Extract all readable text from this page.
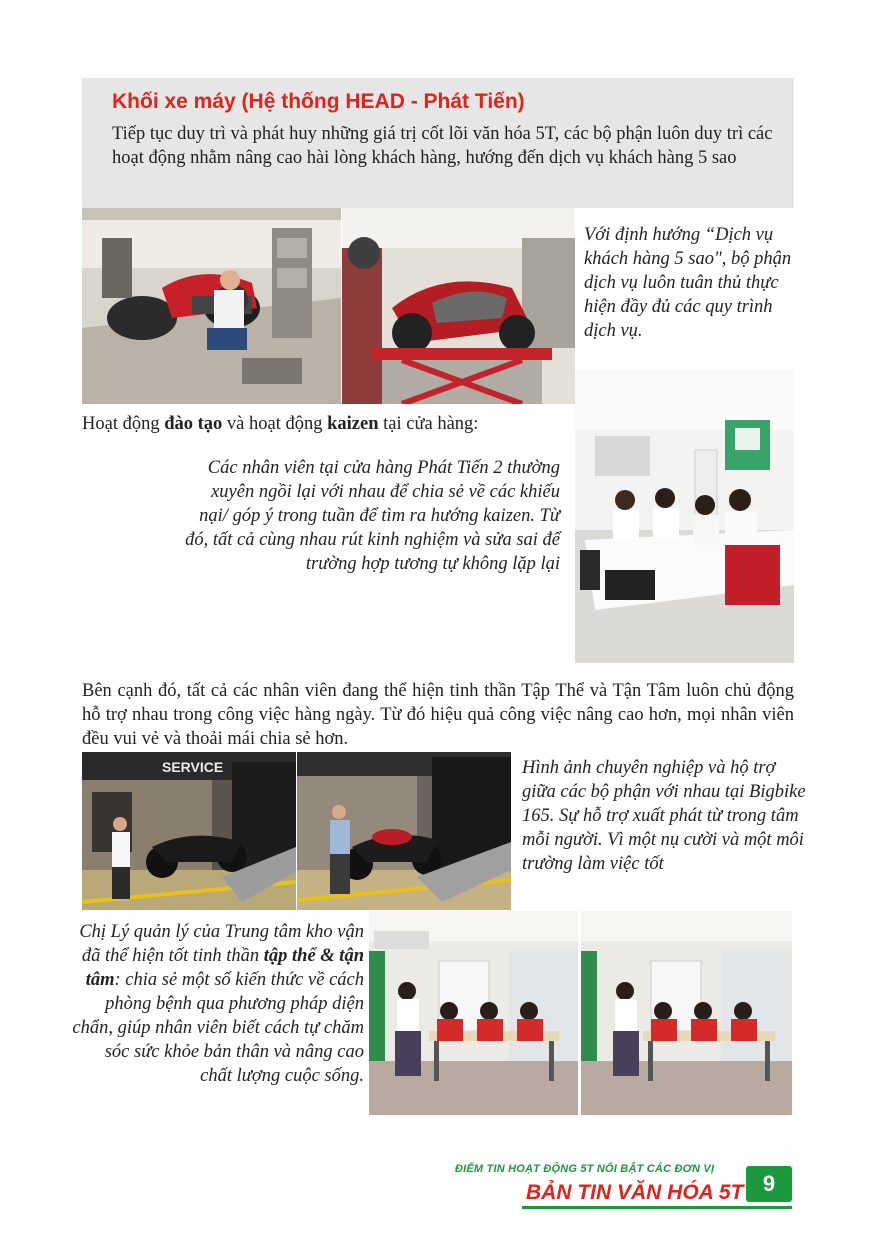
Khối xe máy (Hệ thống HEAD - Phát Tiến)

Tiếp tục duy trì và phát huy những giá trị cốt lõi văn hóa 5T, các bộ phận luôn duy trì các hoạt động nhằm nâng cao hài lòng khách hàng, hướng đến dịch vụ khách hàng 5 sao

Với định hướng “Dịch vụ khách hàng 5 sao", bộ phận dịch vụ luôn tuân thủ thực hiện đầy đủ các quy trình dịch vụ.

Hoạt động đào tạo và hoạt động kaizen tại cửa hàng:

Các nhân viên tại cửa hàng Phát Tiến 2 thường xuyên ngồi lại với nhau để chia sẻ về các khiếu nại/ góp ý trong tuần để tìm ra hướng kaizen. Từ đó, tất cả cùng nhau rút kinh nghiệm và sửa sai để trường hợp tương tự không lặp lại

Bên cạnh đó, tất cả các nhân viên đang thể hiện tinh thần Tập Thể và Tận Tâm luôn chủ động hỗ trợ nhau trong công việc hàng ngày. Từ đó hiệu quả công việc nâng cao hơn, mọi nhân viên đều vui vẻ và thoải mái chia sẻ hơn.

SERVICE	Hình ảnh chuyên nghiệp và hộ trợ giữa các bộ phận với nhau tại Bigbike 165. Sự hỗ trợ xuất phát từ trong tâm mỗi người. Vì một nụ cười và một môi trường làm việc tốt

Chị Lý quản lý của Trung tâm kho vận đã thể hiện tốt tinh thần tập thể & tận tâm: chia sẻ một số kiến thức về cách phòng bệnh qua phương pháp diện chẩn, giúp nhân viên biết cách tự chăm sóc sức khỏe bản thân và nâng cao chất lượng cuộc sống.

ĐIỂM TIN HOẠT ĐỘNG 5T NỔI BẬT CÁC ĐƠN VỊ
BẢN TIN VĂN HÓA 5T 9
